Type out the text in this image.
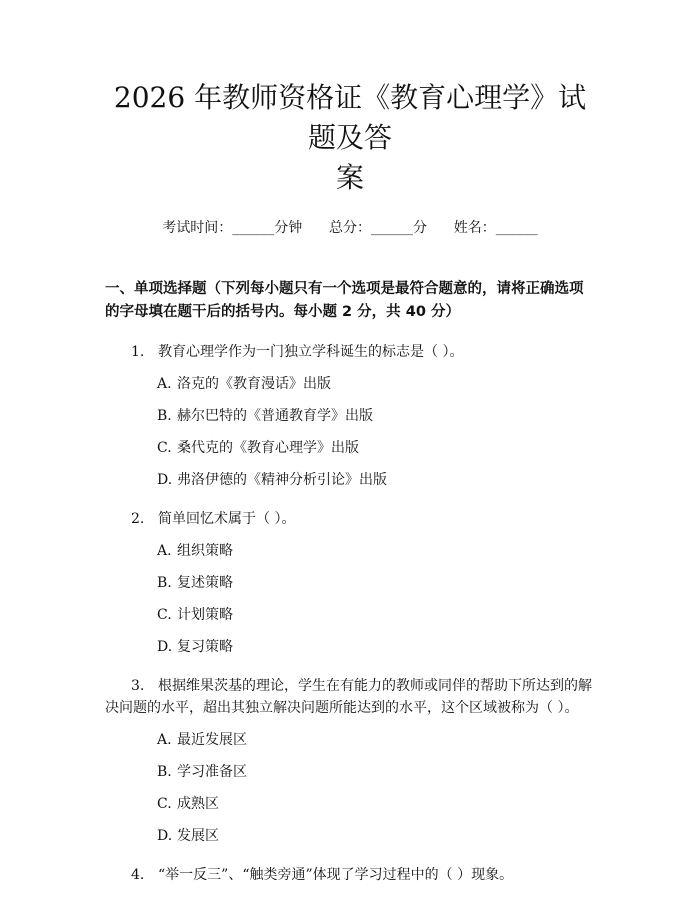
2026 年教师资格证《教育心理学》试题及答
案
考试时间：______分钟      总分：______分      姓名：______
一、单项选择题（下列每小题只有一个选项是最符合题意的，请将正确选项的字母填在题干后的括号内。每小题 2 分，共 40 分）
1. 教育心理学作为一门独立学科诞生的标志是（ ）。
A. 洛克的《教育漫话》出版
B. 赫尔巴特的《普通教育学》出版
C. 桑代克的《教育心理学》出版
D. 弗洛伊德的《精神分析引论》出版
2. 简单回忆术属于（ ）。
A. 组织策略
B. 复述策略
C. 计划策略
D. 复习策略
3. 根据维果茨基的理论，学生在有能力的教师或同伴的帮助下所达到的解决问题的水平，超出其独立解决问题所能达到的水平，这个区域被称为（ ）。
A. 最近发展区
B. 学习准备区
C. 成熟区
D. 发展区
4. “举一反三”、“触类旁通”体现了学习过程中的（ ）现象。
